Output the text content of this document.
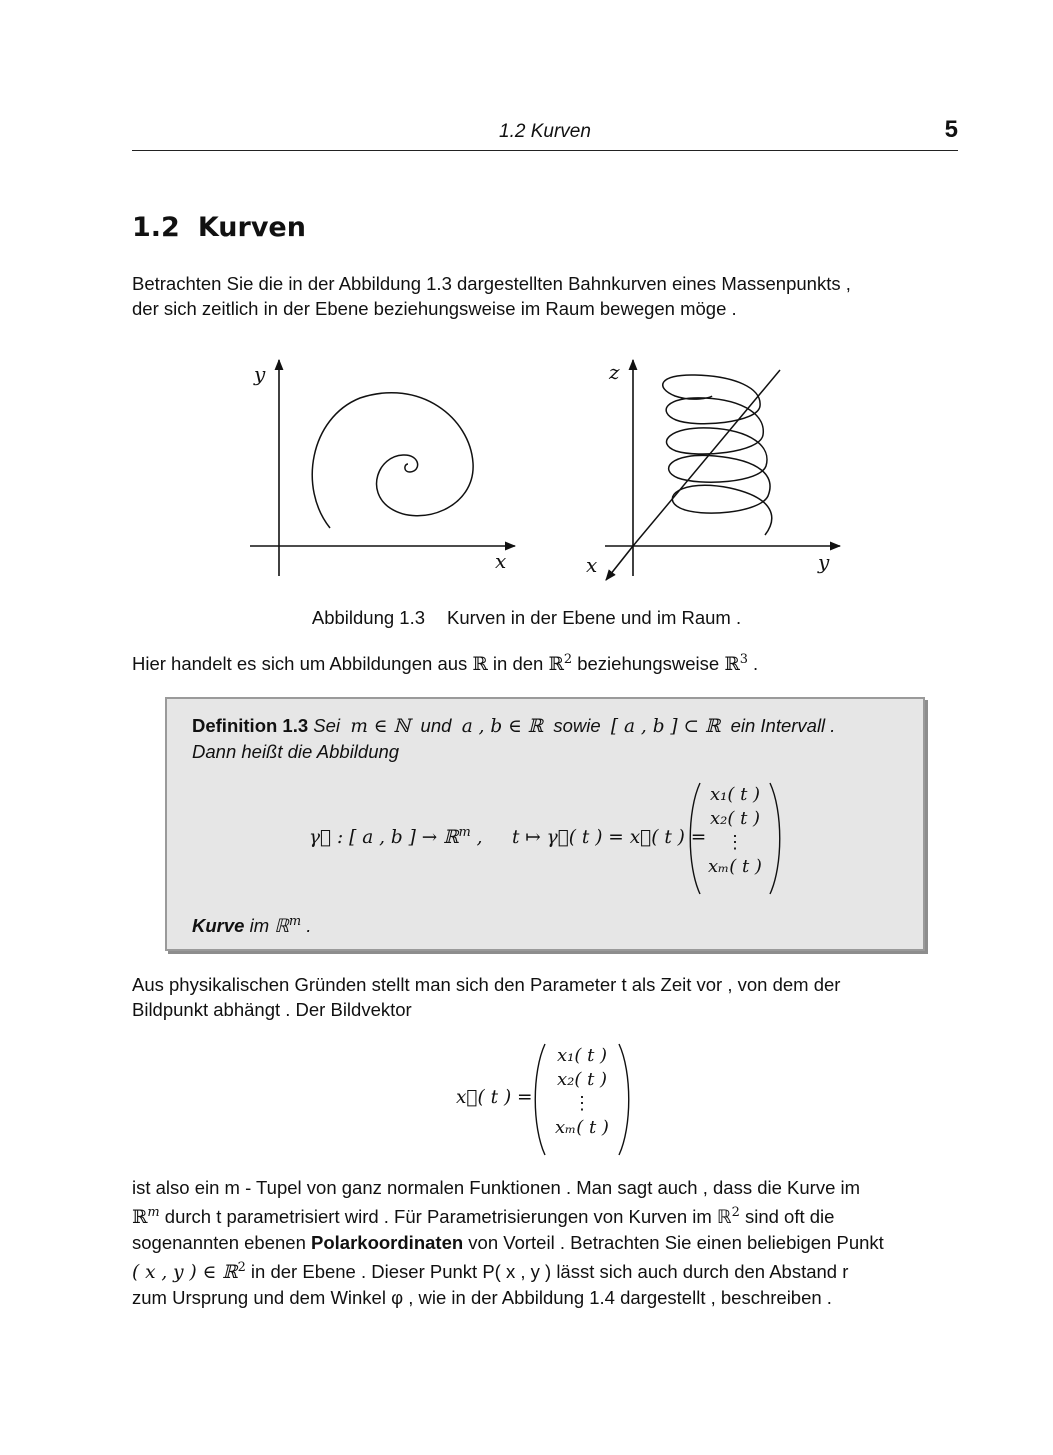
1.2 Kurven	5
1.2 Kurven
Betrachten Sie die in der Abbildung 1.3 dargestellten Bahnkurven eines Massenpunkts ,
der sich zeitlich in der Ebene beziehungsweise im Raum bewegen möge .
y
x
z
x	y
Abbildung 1.3 Kurven in der Ebene und im Raum .
Hier handelt es sich um Abbildungen aus ℝ in den ℝ$^2$ beziehungsweise ℝ$^3$ .
Definition 1.3 Sei m ∈ ℕ und a , b ∈ ℝ sowie [ a , b ] ⊂ ℝ ein Intervall .
Dann heißt die Abbildung
γ⃗ : [ a , b ] → ℝ$^m$ ,     t ↦ γ⃗( t ) = x⃗( t ) =
x₁( t )
x₂( t )
⋮
xₘ( t )
Kurve im ℝ$^m$ .
Aus physikalischen Gründen stellt man sich den Parameter t als Zeit vor , von dem der
Bildpunkt abhängt . Der Bildvektor
x⃗( t ) =
x₁( t )
x₂( t )
⋮
xₘ( t )
ist also ein m - Tupel von ganz normalen Funktionen . Man sagt auch , dass die Kurve im
ℝ$^m$ durch t parametrisiert wird . Für Parametrisierungen von Kurven im ℝ$^2$ sind oft die
sogenannten ebenen Polarkoordinaten von Vorteil . Betrachten Sie einen beliebigen Punkt
( x , y ) ∈ ℝ$^2$ in der Ebene . Dieser Punkt P( x , y ) lässt sich auch durch den Abstand r
zum Ursprung und dem Winkel φ , wie in der Abbildung 1.4 dargestellt , beschreiben .
